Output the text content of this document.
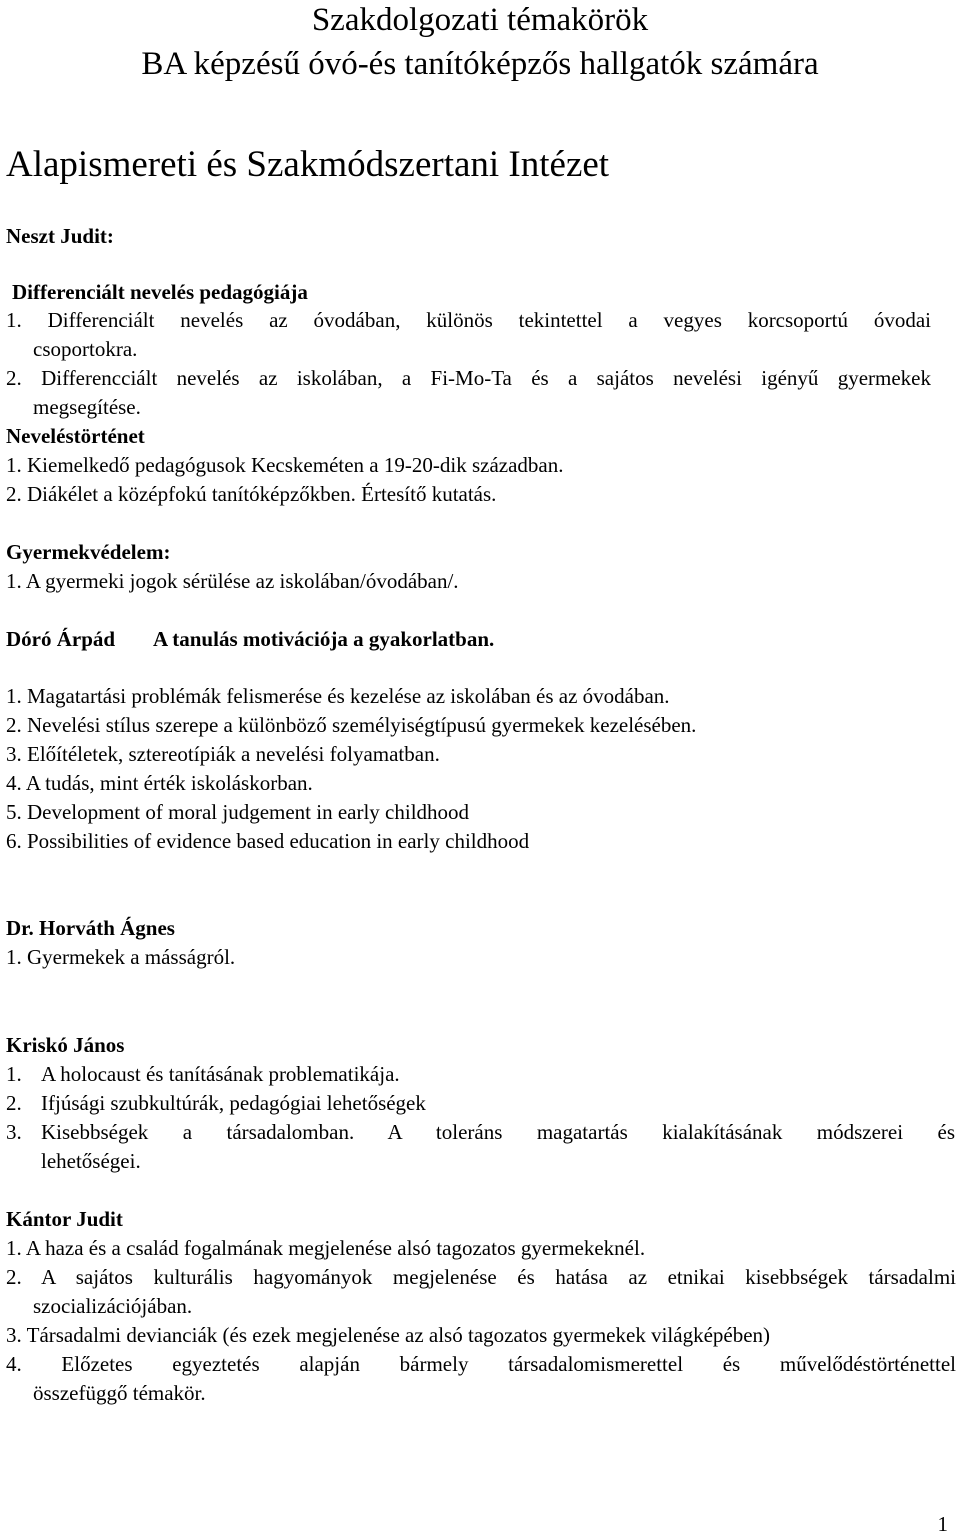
Szakdolgozati témakörök

BA képzésű óvó-és tanítóképzős hallgatók számára

Alapismereti és Szakmódszertani Intézet

Neszt Judit:

Differenciált nevelés pedagógiája

1. Differenciált nevelés az óvodában, különös tekintettel a vegyes korcsoportú óvodai

csoportokra.

2. Differencciált nevelés az iskolában, a Fi-Mo-Ta és a sajátos nevelési igényű gyermekek

megsegítése.

Neveléstörténet

1. Kiemelkedő pedagógusok Kecskeméten a 19-20-dik században.

2. Diákélet a középfokú tanítóképzőkben. Értesítő kutatás.

Gyermekvédelem:

1. A gyermeki jogok sérülése az iskolában/óvodában/.

Dóró Árpád A tanulás motivációja a gyakorlatban.

1. Magatartási problémák felismerése és kezelése az iskolában és az óvodában.

2. Nevelési stílus szerepe a különböző személyiségtípusú gyermekek kezelésében.

3. Előítéletek, sztereotípiák a nevelési folyamatban.

4. A tudás, mint érték iskoláskorban.

5. Development of moral judgement in early childhood

6. Possibilities of evidence based education in early childhood

Dr. Horváth Ágnes

1. Gyermekek a másságról.

Kriskó János

1. A holocaust és tanításának problematikája.

2. Ifjúsági szubkultúrák, pedagógiai lehetőségek

3. Kisebbségek a társadalomban. A toleráns magatartás kialakításának módszerei és

lehetőségei.

Kántor Judit

1. A haza és a család fogalmának megjelenése alsó tagozatos gyermekeknél.

2. A sajátos kulturális hagyományok megjelenése és hatása az etnikai kisebbségek társadalmi

szocializációjában.

3. Társadalmi devianciák (és ezek megjelenése az alsó tagozatos gyermekek világképében)

4. Előzetes egyeztetés alapján bármely társadalomismerettel és művelődéstörténettel

összefüggő témakör.

1
